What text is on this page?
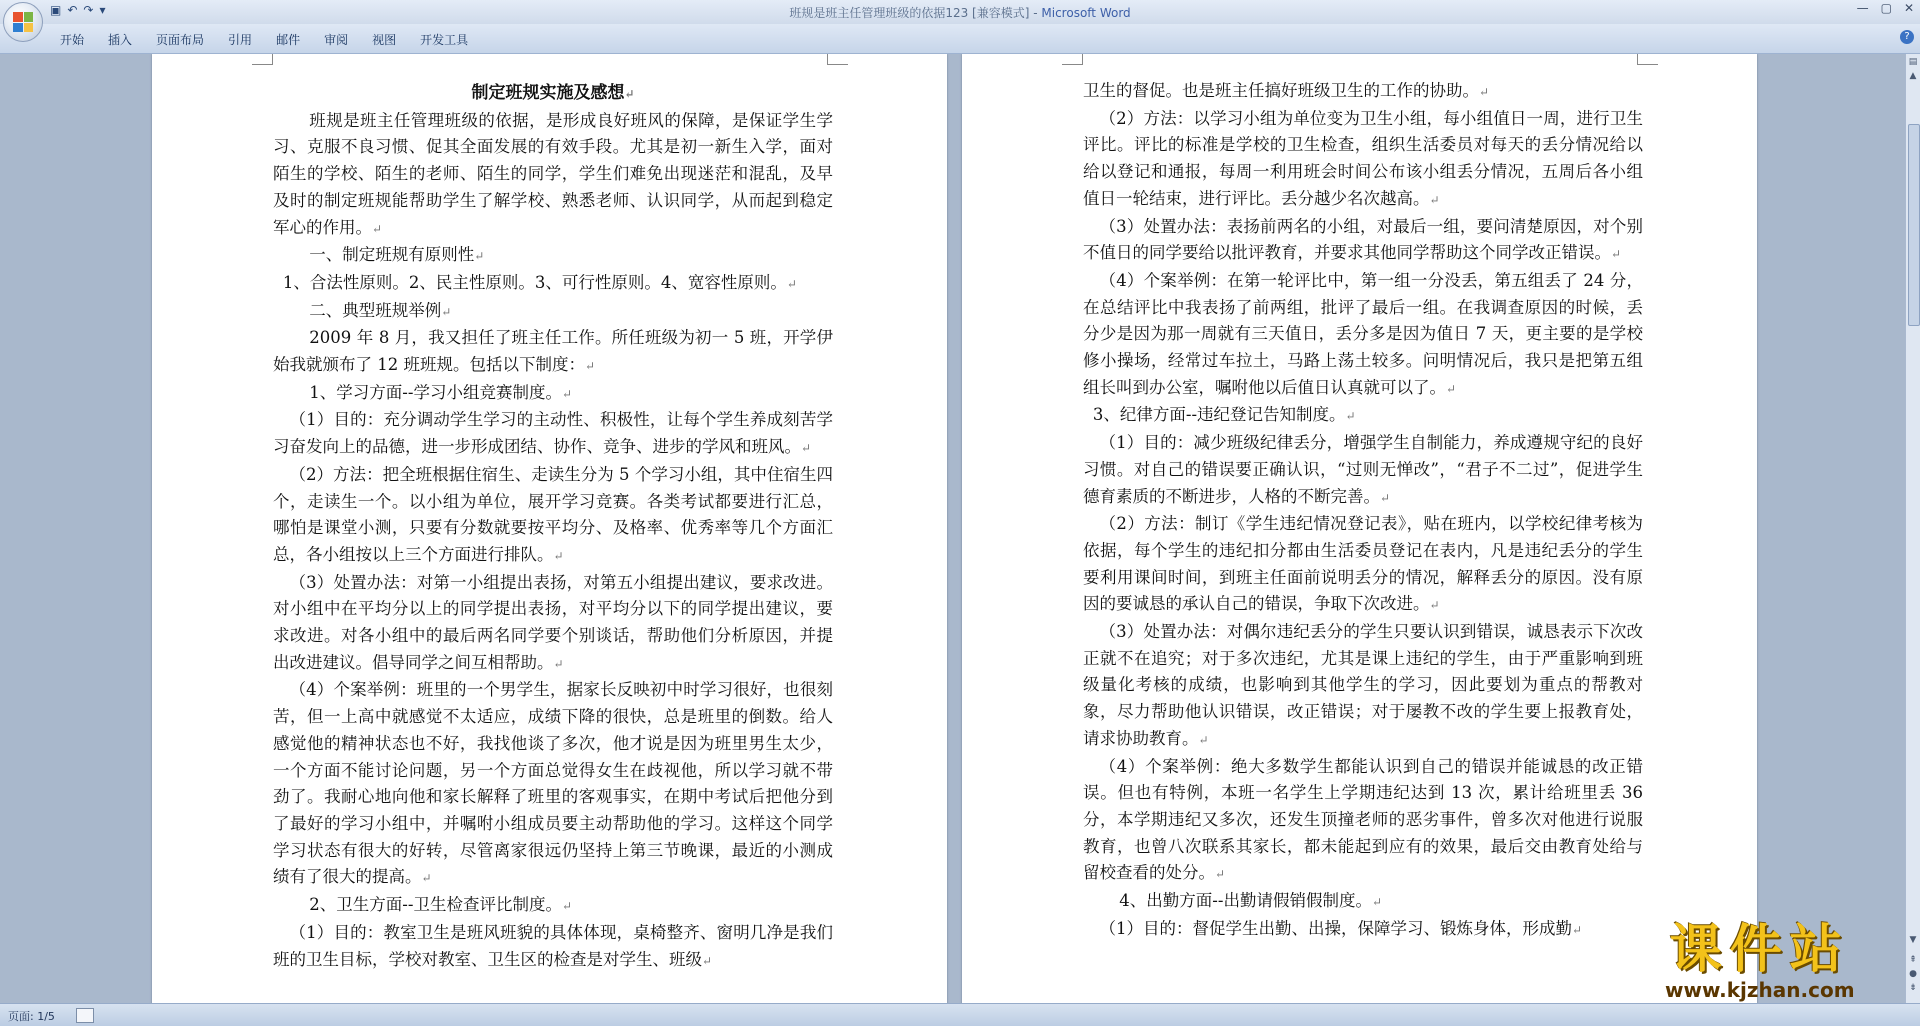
▣ ↶ ↷ ▾	班规是班主任管理班级的依据123 [兼容模式] - Microsoft Word	— ▢ ✕
开始	插入	页面布局	引用	邮件	审阅	视图	开发工具	?

制定班规实施及感想↵

班规是班主任管理班级的依据，是形成良好班风的保障，是保证学生学习、克服不良习惯、促其全面发展的有效手段。尤其是初一新生入学，面对陌生的学校、陌生的老师、陌生的同学，学生们难免出现迷茫和混乱，及早及时的制定班规能帮助学生了解学校、熟悉老师、认识同学，从而起到稳定军心的作用。↵

一、制定班规有原则性↵

1、合法性原则。2、民主性原则。3、可行性原则。4、宽容性原则。↵

二、典型班规举例↵

2009 年 8 月，我又担任了班主任工作。所任班级为初一 5 班，开学伊始我就颁布了 12 班班规。包括以下制度：↵

1、学习方面--学习小组竞赛制度。↵

（1）目的：充分调动学生学习的主动性、积极性，让每个学生养成刻苦学习奋发向上的品德，进一步形成团结、协作、竞争、进步的学风和班风。↵

（2）方法：把全班根据住宿生、走读生分为 5 个学习小组，其中住宿生四个，走读生一个。以小组为单位，展开学习竞赛。各类考试都要进行汇总，哪怕是课堂小测，只要有分数就要按平均分、及格率、优秀率等几个方面汇总，各小组按以上三个方面进行排队。↵

（3）处置办法：对第一小组提出表扬，对第五小组提出建议，要求改进。对小组中在平均分以上的同学提出表扬，对平均分以下的同学提出建议，要求改进。对各小组中的最后两名同学要个别谈话，帮助他们分析原因，并提出改进建议。倡导同学之间互相帮助。↵

（4）个案举例：班里的一个男学生，据家长反映初中时学习很好，也很刻苦，但一上高中就感觉不太适应，成绩下降的很快，总是班里的倒数。给人感觉他的精神状态也不好，我找他谈了多次，他才说是因为班里男生太少，一个方面不能讨论问题，另一个方面总觉得女生在歧视他，所以学习就不带劲了。我耐心地向他和家长解释了班里的客观事实，在期中考试后把他分到了最好的学习小组中，并嘱咐小组成员要主动帮助他的学习。这样这个同学学习状态有很大的好转，尽管离家很远仍坚持上第三节晚课，最近的小测成绩有了很大的提高。↵

2、卫生方面--卫生检查评比制度。↵

（1）目的：教室卫生是班风班貌的具体体现，桌椅整齐、窗明几净是我们班的卫生目标，学校对教室、卫生区的检查是对学生、班级↵

卫生的督促。也是班主任搞好班级卫生的工作的协助。↵

（2）方法：以学习小组为单位变为卫生小组，每小组值日一周，进行卫生评比。评比的标准是学校的卫生检查，组织生活委员对每天的丢分情况给以给以登记和通报，每周一利用班会时间公布该小组丢分情况，五周后各小组值日一轮结束，进行评比。丢分越少名次越高。↵

（3）处置办法：表扬前两名的小组，对最后一组，要问清楚原因，对个别不值日的同学要给以批评教育，并要求其他同学帮助这个同学改正错误。↵

（4）个案举例：在第一轮评比中，第一组一分没丢，第五组丢了 24 分，在总结评比中我表扬了前两组，批评了最后一组。在我调查原因的时候，丢分少是因为那一周就有三天值日，丢分多是因为值日 7 天，更主要的是学校修小操场，经常过车拉土，马路上荡土较多。问明情况后，我只是把第五组组长叫到办公室，嘱咐他以后值日认真就可以了。↵

3、纪律方面--违纪登记告知制度。↵

（1）目的：减少班级纪律丢分，增强学生自制能力，养成遵规守纪的良好习惯。对自己的错误要正确认识，“过则无惮改”，“君子不二过”，促进学生德育素质的不断进步，人格的不断完善。↵

（2）方法：制订《学生违纪情况登记表》，贴在班内，以学校纪律考核为依据，每个学生的违纪扣分都由生活委员登记在表内，凡是违纪丢分的学生要利用课间时间，到班主任面前说明丢分的情况，解释丢分的原因。没有原因的要诚恳的承认自己的错误，争取下次改进。↵

（3）处置办法：对偶尔违纪丢分的学生只要认识到错误，诚恳表示下次改正就不在追究；对于多次违纪，尤其是课上违纪的学生，由于严重影响到班级量化考核的成绩，也影响到其他学生的学习，因此要划为重点的帮教对象，尽力帮助他认识错误，改正错误；对于屡教不改的学生要上报教育处，请求协助教育。↵

（4）个案举例：绝大多数学生都能认识到自己的错误并能诚恳的改正错误。但也有特例，本班一名学生上学期违纪达到 13 次，累计给班里丢 36 分，本学期违纪又多次，还发生顶撞老师的恶劣事件，曾多次对他进行说服教育，也曾八次联系其家长，都未能起到应有的效果，最后交由教育处给与留校查看的处分。↵

4、出勤方面--出勤请假销假制度。↵

（1）目的：督促学生出勤、出操，保障学习、锻炼身体，形成勤↵

▤
▲
▼
⇞
●
⇟
页面: 1/5
课件站
www.kjzhan.com
